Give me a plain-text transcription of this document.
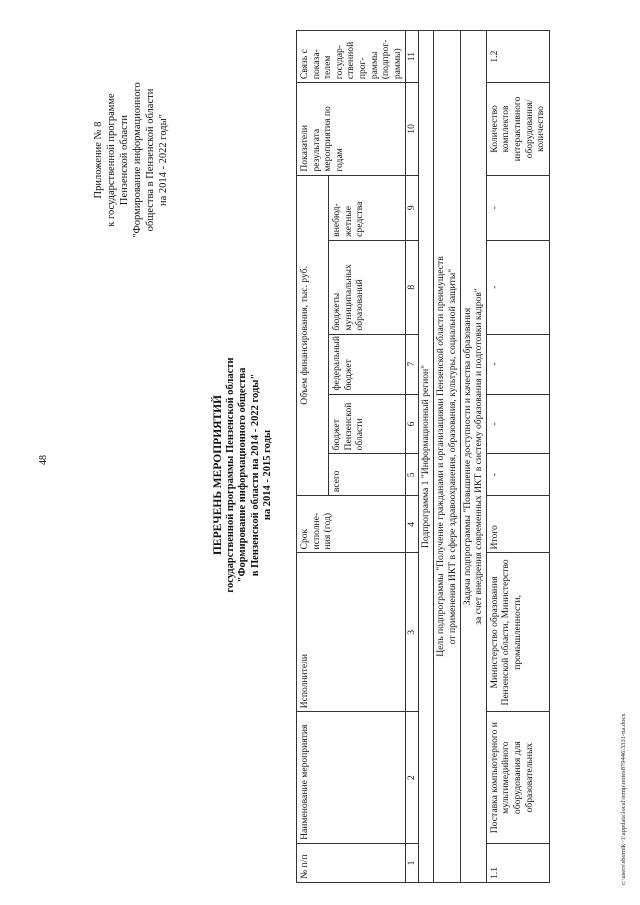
48
Приложение № 8 к государственной программе Пензенской области "Формирование информационного общества в Пензенской области на 2014 - 2022 годы"
ПЕРЕЧЕНЬ МЕРОПРИЯТИЙ государственной программы Пензенской области "Формирование информационного общества в Пензенской области на 2014 - 2022 годы" на 2014 - 2015 годы
№ п/п	Наименование мероприятия	Исполнители	Срок исполне-ния (год)	Объем финансирования, тыс. руб.					Показатели результата мероприятия по годам	Связь с показа-телем государ-ственной прог-раммы (подпрог-раммы)
				всего	бюджет Пензенской области	федеральный бюджет	бюджеты муниципальных образований	внебюд-жетные средства		
1	2	3	4	5	6	7	8	9	10	11
Подпрограмма 1 "Информационный регион"										

Цель подпрограммы "Получение гражданами и организациями Пензенской области преимуществ от применения ИКТ в сфере здравоохранения, образования, культуры, социальной защиты"										

Задача подпрограммы "Повышение доступности и качества образования за счет внедрения современных ИКТ в систему образования и подготовки кадров"										

1.1	Поставка компьютерного и мультимедийного оборудования для образовательных	Министерство образования Пензенской области, Министерство промышленности,	Итого	-	-	-	-	-	Количество комплектов интерактивного оборудования/ количество	1.2
c:\users\sbornik~1\appdata\local\temp\notes879446\3331-na.docx
